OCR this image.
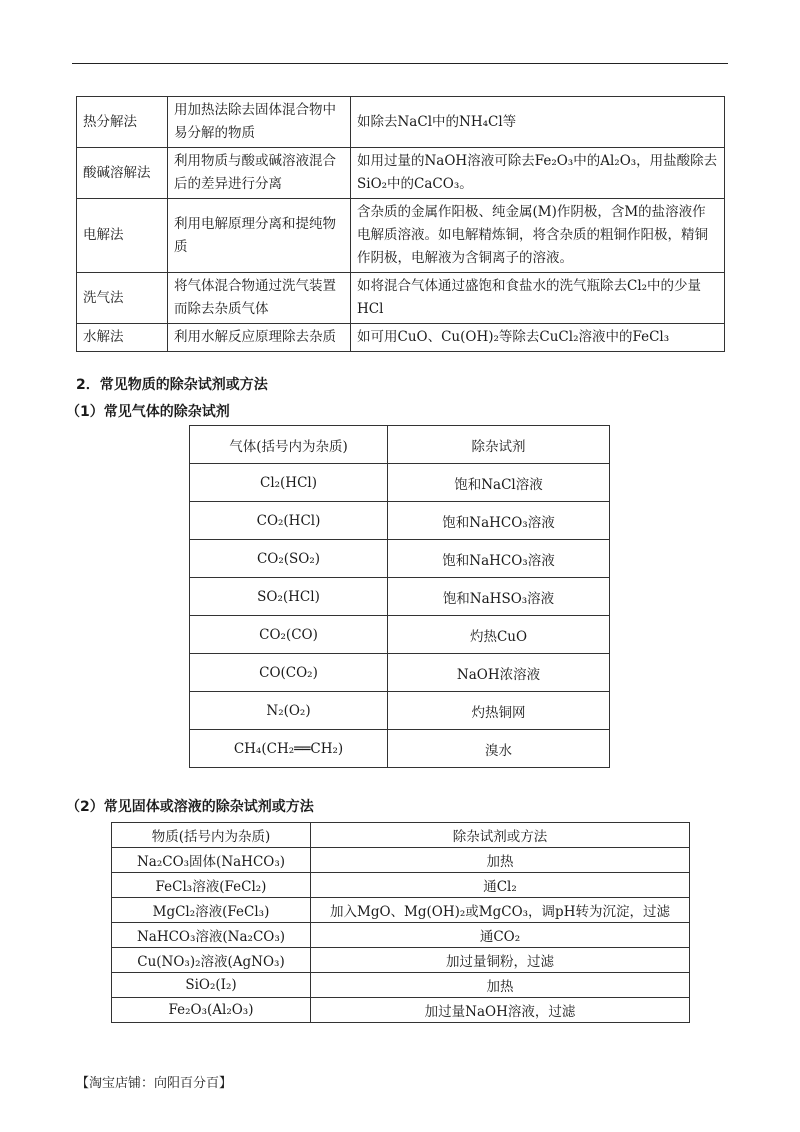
热分解法	用加热法除去固体混合物中易分解的物质	如除去NaCl中的NH₄Cl等
酸碱溶解法	利用物质与酸或碱溶液混合后的差异进行分离	如用过量的NaOH溶液可除去Fe₂O₃中的Al₂O₃，用盐酸除去SiO₂中的CaCO₃。
电解法	利用电解原理分离和提纯物质	含杂质的金属作阳极、纯金属(M)作阴极，含M的盐溶液作电解质溶液。如电解精炼铜，将含杂质的粗铜作阳极，精铜作阴极，电解液为含铜离子的溶液。
洗气法	将气体混合物通过洗气装置而除去杂质气体	如将混合气体通过盛饱和食盐水的洗气瓶除去Cl₂中的少量HCl
水解法	利用水解反应原理除去杂质	如可用CuO、Cu(OH)₂等除去CuCl₂溶液中的FeCl₃
2．常见物质的除杂试剂或方法
（1）常见气体的除杂试剂
气体(括号内为杂质)	除杂试剂
Cl₂(HCl)	饱和NaCl溶液
CO₂(HCl)	饱和NaHCO₃溶液
CO₂(SO₂)	饱和NaHCO₃溶液
SO₂(HCl)	饱和NaHSO₃溶液
CO₂(CO)	灼热CuO
CO(CO₂)	NaOH浓溶液
N₂(O₂)	灼热铜网
CH₄(CH₂══CH₂)	溴水
（2）常见固体或溶液的除杂试剂或方法
物质(括号内为杂质)	除杂试剂或方法
Na₂CO₃固体(NaHCO₃)	加热
FeCl₃溶液(FeCl₂)	通Cl₂
MgCl₂溶液(FeCl₃)	加入MgO、Mg(OH)₂或MgCO₃，调pH转为沉淀，过滤
NaHCO₃溶液(Na₂CO₃)	通CO₂
Cu(NO₃)₂溶液(AgNO₃)	加过量铜粉，过滤
SiO₂(I₂)	加热
Fe₂O₃(Al₂O₃)	加过量NaOH溶液，过滤
【淘宝店铺：向阳百分百】
